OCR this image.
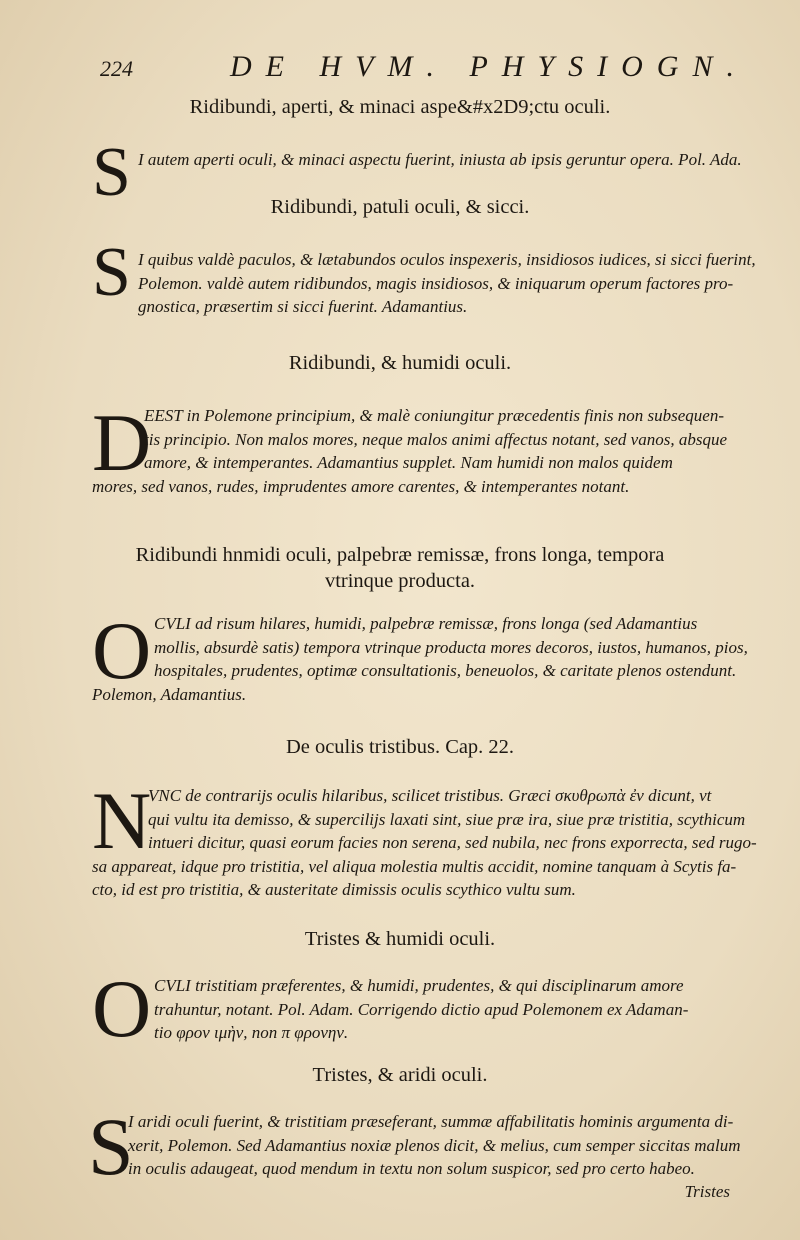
224	DE HVM. PHYSIOGN.
Ridibundi, aperti, & minaci aspe&#x2D9;ctu oculi.
S I autem aperti oculi, & minaci aspectu fuerint, iniusta ab ipsis geruntur opera. Pol. Ada.
Ridibundi, patuli oculi, & sicci.
S I quibus valdè paculos, & lætabundos oculos inspexeris, insidiosos iudices, si sicci fuerint,
Polemon. valdè autem ridibundos, magis insidiosos, & iniquarum operum factores pro-
gnostica, præsertim si sicci fuerint. Adamantius.
Ridibundi, & humidi oculi.
D
EEST in Polemone principium, & malè coniungitur præcedentis finis non subsequen-
tis principio. Non malos mores, neque malos animi affectus notant, sed vanos, absque
amore, & intemperantes. Adamantius supplet. Nam humidi non malos quidem
mores, sed vanos, rudes, imprudentes amore carentes, & intemperantes notant.
Ridibundi hnmidi oculi, palpebræ remissæ, frons longa, tempora
vtrinque producta.
O CVLI ad risum hilares, humidi, palpebræ remissæ, frons longa (sed Adamantius
mollis, absurdè satis) tempora vtrinque producta mores decoros, iustos, humanos, pios,
hospitales, prudentes, optimæ consultationis, beneuolos, & caritate plenos ostendunt.
Polemon, Adamantius.
De oculis tristibus. Cap. 22.
N
VNC de contrarijs oculis hilaribus, scilicet tristibus. Græci σκυθρωπὰ ἐν dicunt, vt
qui vultu ita demisso, & supercilijs laxati sint, siue præ ira, siue præ tristitia, scythicum
intueri dicitur, quasi eorum facies non serena, sed nubila, nec frons exporrecta, sed rugo-
sa appareat, idque pro tristitia, vel aliqua molestia multis accidit, nomine tanquam à Scytis fa-
cto, id est pro tristitia, & austeritate dimissis oculis scythico vultu sum.
Tristes & humidi oculi.
O CVLI tristitiam præferentes, & humidi, prudentes, & qui disciplinarum amore
trahuntur, notant. Pol. Adam. Corrigendo dictio apud Polemonem ex Adaman-
tio φρον ιμὴν, non π φρονην.
Tristes, & aridi oculi.
S
I aridi oculi fuerint, & tristitiam præseferant, summæ affabilitatis hominis argumenta di-
xerit, Polemon. Sed Adamantius noxiæ plenos dicit, & melius, cum semper siccitas malum
in oculis adaugeat, quod mendum in textu non solum suspicor, sed pro certo habeo.
Tristes
